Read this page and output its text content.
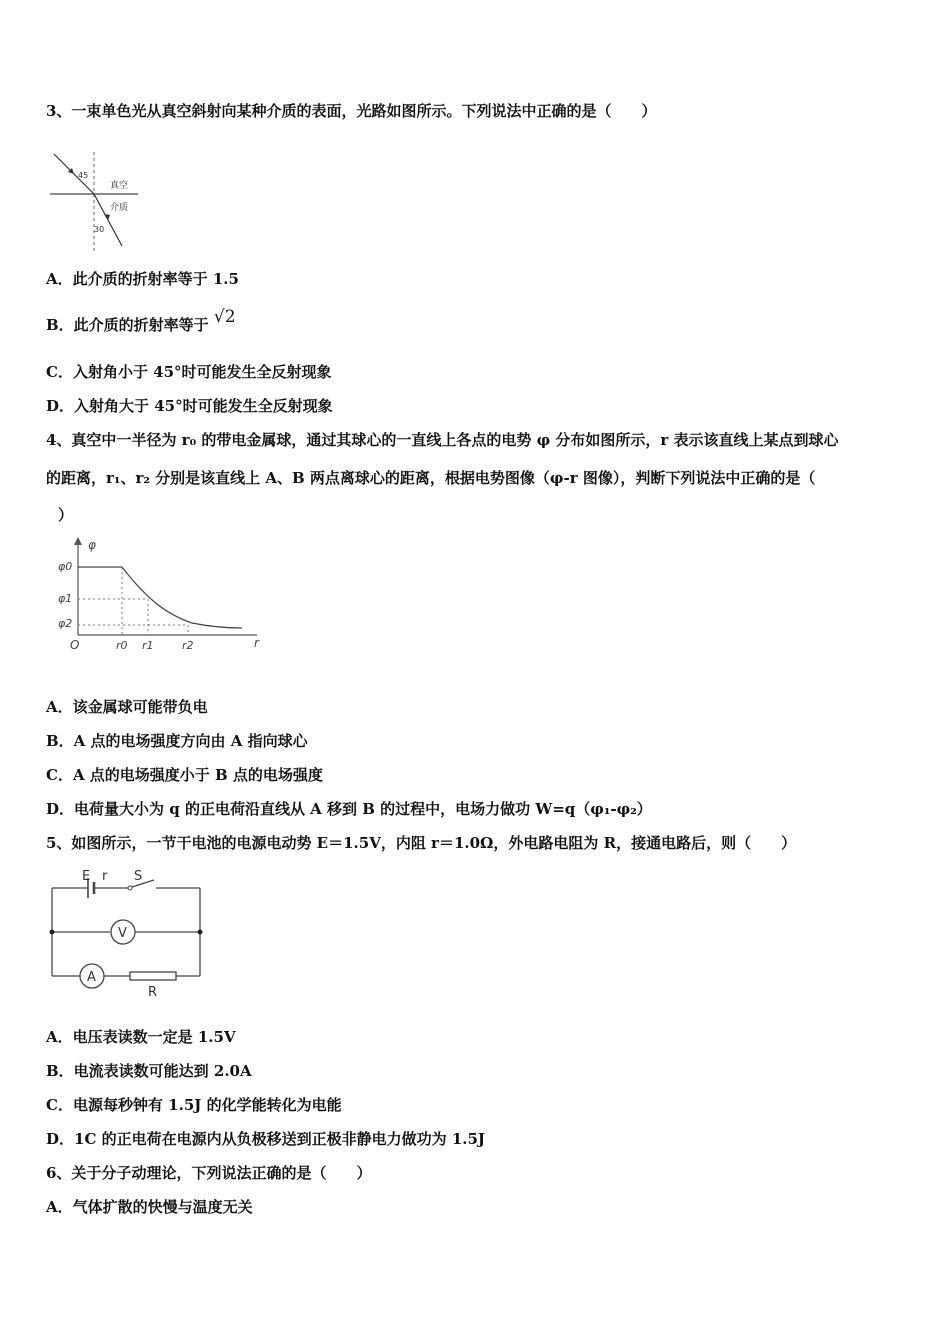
3、一束单色光从真空斜射向某种介质的表面，光路如图所示。下列说法中正确的是（　　）
45
真空
介质
30
A．此介质的折射率等于 1.5
B．此介质的折射率等于 √2
C．入射角小于 45°时可能发生全反射现象
D．入射角大于 45°时可能发生全反射现象
4、真空中一半径为 r₀ 的带电金属球，通过其球心的一直线上各点的电势 φ 分布如图所示，r 表示该直线上某点到球心
的距离，r₁、r₂ 分别是该直线上 A、B 两点离球心的距离，根据电势图像（φ-r 图像），判断下列说法中正确的是（
）
φ
r
O
φ0
φ1
φ2
r0 r1	r2
A．该金属球可能带负电
B．A 点的电场强度方向由 A 指向球心
C．A 点的电场强度小于 B 点的电场强度
D．电荷量大小为 q 的正电荷沿直线从 A 移到 B 的过程中，电场力做功 W=q（φ₁-φ₂）
5、如图所示，一节干电池的电源电动势 E＝1.5V，内阻 r＝1.0Ω，外电路电阻为 R，接通电路后，则（　　）
E r S
V
A
R
A．电压表读数一定是 1.5V
B．电流表读数可能达到 2.0A
C．电源每秒钟有 1.5J 的化学能转化为电能
D．1C 的正电荷在电源内从负极移送到正极非静电力做功为 1.5J
6、关于分子动理论，下列说法正确的是（　　）
A．气体扩散的快慢与温度无关
